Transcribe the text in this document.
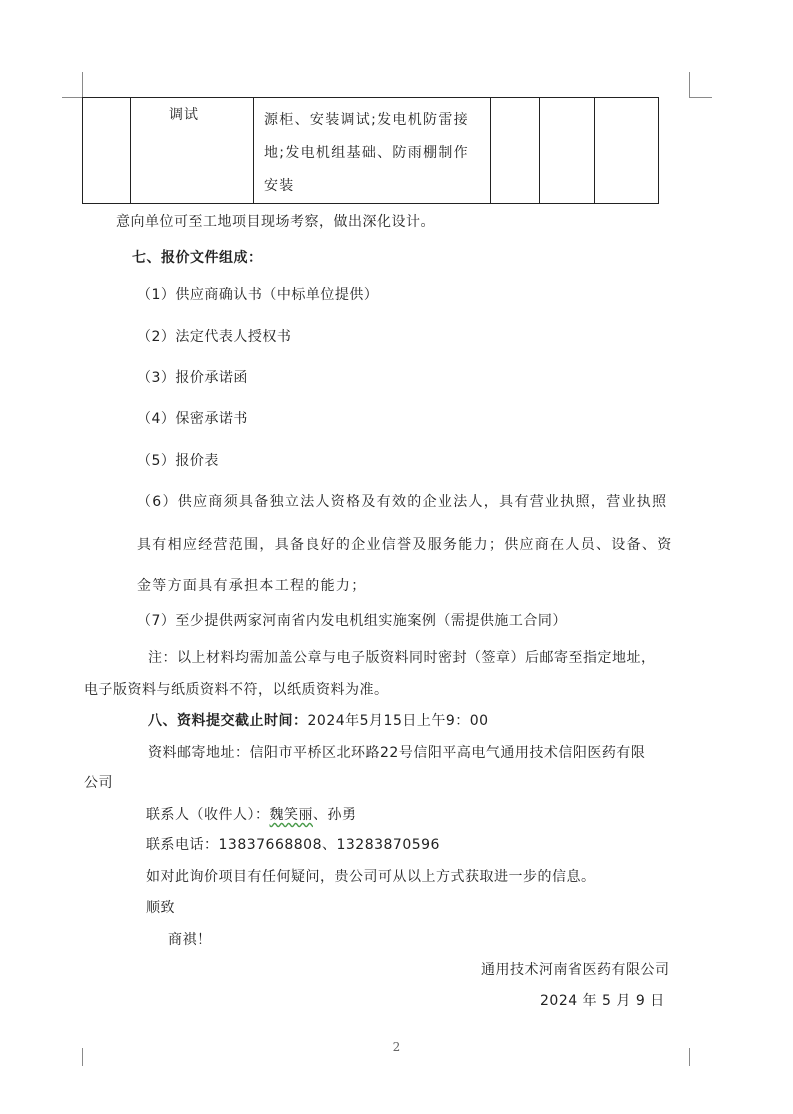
调试	源柜、安装调试;发电机防雷接
地;发电机组基础、防雨棚制作
安装

意向单位可至工地项目现场考察，做出深化设计。
七、报价文件组成：
（1）供应商确认书（中标单位提供）
（2）法定代表人授权书
（3）报价承诺函
（4）保密承诺书
（5）报价表
（6）供应商须具备独立法人资格及有效的企业法人，具有营业执照，营业执照
具有相应经营范围，具备良好的企业信誉及服务能力；供应商在人员、设备、资
金等方面具有承担本工程的能力；
（7）至少提供两家河南省内发电机组实施案例（需提供施工合同）
注：以上材料均需加盖公章与电子版资料同时密封（签章）后邮寄至指定地址，
电子版资料与纸质资料不符，以纸质资料为准。
八、资料提交截止时间：2024年5月15日上午9：00
资料邮寄地址：信阳市平桥区北环路22号信阳平高电气通用技术信阳医药有限
公司
联系人（收件人）：魏笑丽、孙勇
联系电话：13837668808、13283870596
如对此询价项目有任何疑问，贵公司可从以上方式获取进一步的信息。
顺致
商祺！
通用技术河南省医药有限公司
2024 年 5 月 9 日
2
